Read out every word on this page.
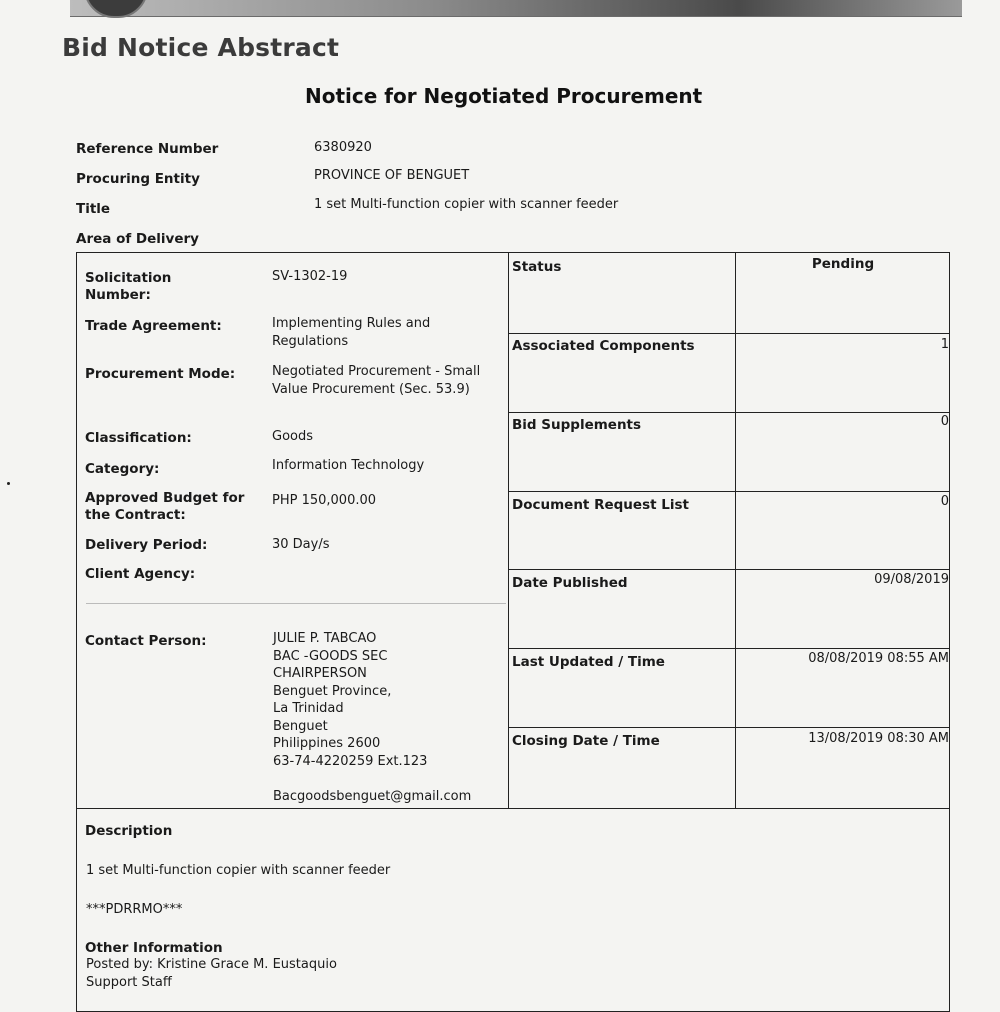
Bid Notice Abstract
Notice for Negotiated Procurement
Reference Number	6380920
Procuring Entity	PROVINCE OF BENGUET
Title	1 set Multi-function copier with scanner feeder
Area of Delivery
Solicitation Number:
SV-1302-19
Trade Agreement:	Implementing Rules and Regulations
Procurement Mode:	Negotiated Procurement - Small Value Procurement (Sec. 53.9)
Classification:	Goods
Category:	Information Technology
Approved Budget for the Contract:
PHP 150,000.00
Delivery Period:	30 Day/s
Client Agency:
Contact Person:	JULIE P. TABCAO
BAC -GOODS SEC
CHAIRPERSON
Benguet Province,
La Trinidad
Benguet
Philippines 2600
63-74-4220259 Ext.123
Bacgoodsbenguet@gmail.com
Status	Pending
Associated Components	1
Bid Supplements	0
Document Request List	0
Date Published	09/08/2019
Last Updated / Time	08/08/2019 08:55 AM
Closing Date / Time	13/08/2019 08:30 AM
Description
1 set Multi-function copier with scanner feeder
***PDRRMO***
Other Information
Posted by: Kristine Grace M. Eustaquio
Support Staff
